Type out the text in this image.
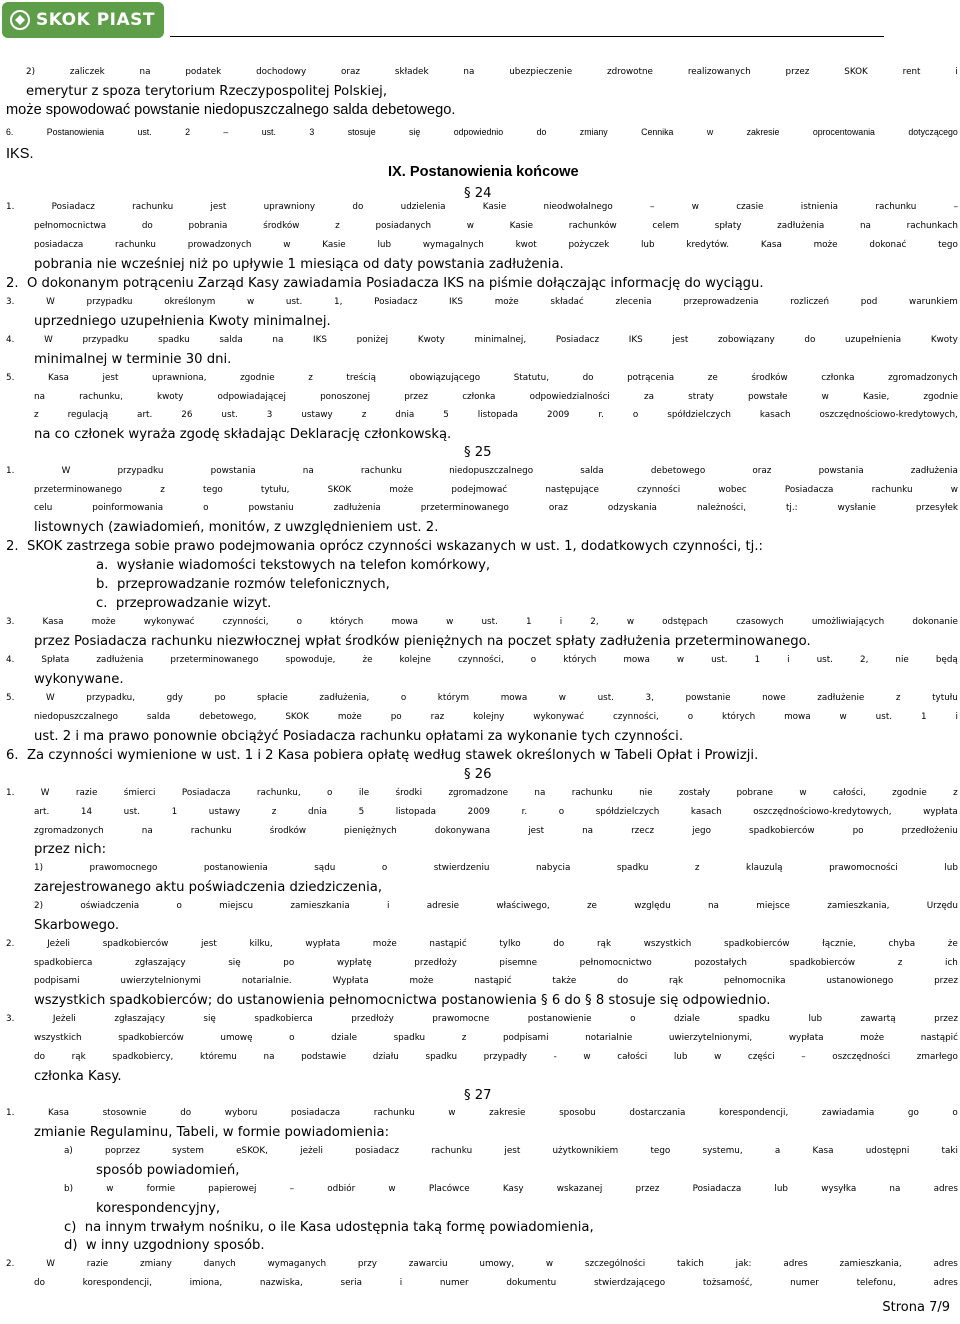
SKOK PIAST
2)	zaliczek	na	podatek	dochodowy	oraz	składek	na	ubezpieczenie	zdrowotne	realizowanych	przez	SKOK	rent	i
emerytur z spoza terytorium Rzeczypospolitej Polskiej,
może spowodować powstanie niedopuszczalnego salda debetowego.
6.	Postanowienia	ust.	2	–	ust.	3	stosuje	się	odpowiednio	do	zmiany	Cennika	w	zakresie	oprocentowania	dotyczącego
IKS.
IX. Postanowienia końcowe
§ 24
1.	Posiadacz	rachunku	jest	uprawniony	do	udzielenia	Kasie	nieodwołalnego	–	w	czasie	istnienia	rachunku	–
pełnomocnictwa	do	pobrania	środków	z	posiadanych	w	Kasie	rachunków	celem	spłaty	zadłużenia	na	rachunkach
posiadacza	rachunku	prowadzonych	w	Kasie	lub	wymagalnych	kwot	pożyczek	lub	kredytów.	Kasa	może	dokonać	tego
pobrania nie wcześniej niż po upływie 1 miesiąca od daty powstania zadłużenia.
2.  O dokonanym potrąceniu Zarząd Kasy zawiadamia Posiadacza IKS na piśmie dołączając informację do wyciągu.
3.	W	przypadku	określonym	w	ust.	1,	Posiadacz	IKS	może	składać	zlecenia	przeprowadzenia	rozliczeń	pod	warunkiem
uprzedniego uzupełnienia Kwoty minimalnej.
4.	W	przypadku	spadku	salda	na	IKS	poniżej	Kwoty	minimalnej,	Posiadacz	IKS	jest	zobowiązany	do	uzupełnienia	Kwoty
minimalnej w terminie 30 dni.
5.	Kasa	jest	uprawniona,	zgodnie	z	treścią	obowiązującego	Statutu,	do	potrącenia	ze	środków	członka	zgromadzonych
na	rachunku,	kwoty	odpowiadającej	ponoszonej	przez	członka	odpowiedzialności	za	straty	powstałe	w	Kasie,	zgodnie
z	regulacją	art.	26	ust.	3	ustawy	z	dnia	5	listopada	2009	r.	o	spółdzielczych	kasach	oszczędnościowo-kredytowych,
na co członek wyraża zgodę składając Deklarację członkowską.
§ 25
1.	W	przypadku	powstania	na	rachunku	niedopuszczalnego	salda	debetowego	oraz	powstania	zadłużenia
przeterminowanego	z	tego	tytułu,	SKOK	może	podejmować	następujące	czynności	wobec	Posiadacza	rachunku	w
celu	poinformowania	o	powstaniu	zadłużenia	przeterminowanego	oraz	odzyskania	należności,	tj.:	wysłanie	przesyłek
listownych (zawiadomień, monitów, z uwzględnieniem ust. 2.
2.  SKOK zastrzega sobie prawo podejmowania oprócz czynności wskazanych w ust. 1, dodatkowych czynności, tj.:
a.  wysłanie wiadomości tekstowych na telefon komórkowy,
b.  przeprowadzanie rozmów telefonicznych,
c.  przeprowadzanie wizyt.
3.	Kasa	może	wykonywać	czynności,	o	których	mowa	w	ust.	1	i	2,	w	odstępach	czasowych	umożliwiających	dokonanie
przez Posiadacza rachunku niezwłocznej wpłat środków pieniężnych na poczet spłaty zadłużenia przeterminowanego.
4.	Spłata	zadłużenia	przeterminowanego	spowoduje,	że	kolejne	czynności,	o	których	mowa	w	ust.	1	i	ust.	2,	nie	będą
wykonywane.
5.	W	przypadku,	gdy	po	spłacie	zadłużenia,	o	którym	mowa	w	ust.	3,	powstanie	nowe	zadłużenie	z	tytułu
niedopuszczalnego	salda	debetowego,	SKOK	może	po	raz	kolejny	wykonywać	czynności,	o	których	mowa	w	ust.	1	i
ust. 2 i ma prawo ponownie obciążyć Posiadacza rachunku opłatami za wykonanie tych czynności.
6.  Za czynności wymienione w ust. 1 i 2 Kasa pobiera opłatę według stawek określonych w Tabeli Opłat i Prowizji.
§ 26
1.	W	razie	śmierci	Posiadacza	rachunku,	o	ile	środki	zgromadzone	na	rachunku	nie	zostały	pobrane	w	całości,	zgodnie	z
art.	14	ust.	1	ustawy	z	dnia	5	listopada	2009	r.	o	spółdzielczych	kasach	oszczędnościowo-kredytowych,	wypłata
zgromadzonych	na	rachunku	środków	pieniężnych	dokonywana	jest	na	rzecz	jego	spadkobierców	po	przedłożeniu
przez nich:
1)	prawomocnego	postanowienia	sądu	o	stwierdzeniu	nabycia	spadku	z	klauzulą	prawomocności	lub
zarejestrowanego aktu poświadczenia dziedziczenia,
2)	oświadczenia	o	miejscu	zamieszkania	i	adresie	właściwego,	ze	względu	na	miejsce	zamieszkania,	Urzędu
Skarbowego.
2.	Jeżeli	spadkobierców	jest	kilku,	wypłata	może	nastąpić	tylko	do	rąk	wszystkich	spadkobierców	łącznie,	chyba	że
spadkobierca	zgłaszający	się	po	wypłatę	przedłoży	pisemne	pełnomocnictwo	pozostałych	spadkobierców	z	ich
podpisami	uwierzytelnionymi	notarialnie.	Wypłata	może	nastąpić	także	do	rąk	pełnomocnika	ustanowionego	przez
wszystkich spadkobierców; do ustanowienia pełnomocnictwa postanowienia § 6 do § 8 stosuje się odpowiednio.
3.	Jeżeli	zgłaszający	się	spadkobierca	przedłoży	prawomocne	postanowienie	o	dziale	spadku	lub	zawartą	przez
wszystkich	spadkobierców	umowę	o	dziale	spadku	z	podpisami	notarialnie	uwierzytelnionymi,	wypłata	może	nastąpić
do	rąk	spadkobiercy,	któremu	na	podstawie	działu	spadku	przypadły	-	w	całości	lub	w	części	–	oszczędności	zmarłego
członka Kasy.
§ 27
1.	Kasa	stosownie	do	wyboru	posiadacza	rachunku	w	zakresie	sposobu	dostarczania	korespondencji,	zawiadamia	go	o
zmianie Regulaminu, Tabeli, w formie powiadomienia:
a)	poprzez	system	eSKOK,	jeżeli	posiadacz	rachunku	jest	użytkownikiem	tego	systemu,	a	Kasa	udostępni	taki
sposób powiadomień,
b)	w	formie	papierowej	–	odbiór	w	Placówce	Kasy	wskazanej	przez	Posiadacza	lub	wysyłka	na	adres
korespondencyjny,
c)  na innym trwałym nośniku, o ile Kasa udostępnia taką formę powiadomienia,
d)  w inny uzgodniony sposób.
2.	W	razie	zmiany	danych	wymaganych	przy	zawarciu	umowy,	w	szczególności	takich	jak:	adres	zamieszkania,	adres
do	korespondencji,	imiona,	nazwiska,	seria	i	numer	dokumentu	stwierdzającego	tożsamość,	numer	telefonu,	adres
Strona 7/9
